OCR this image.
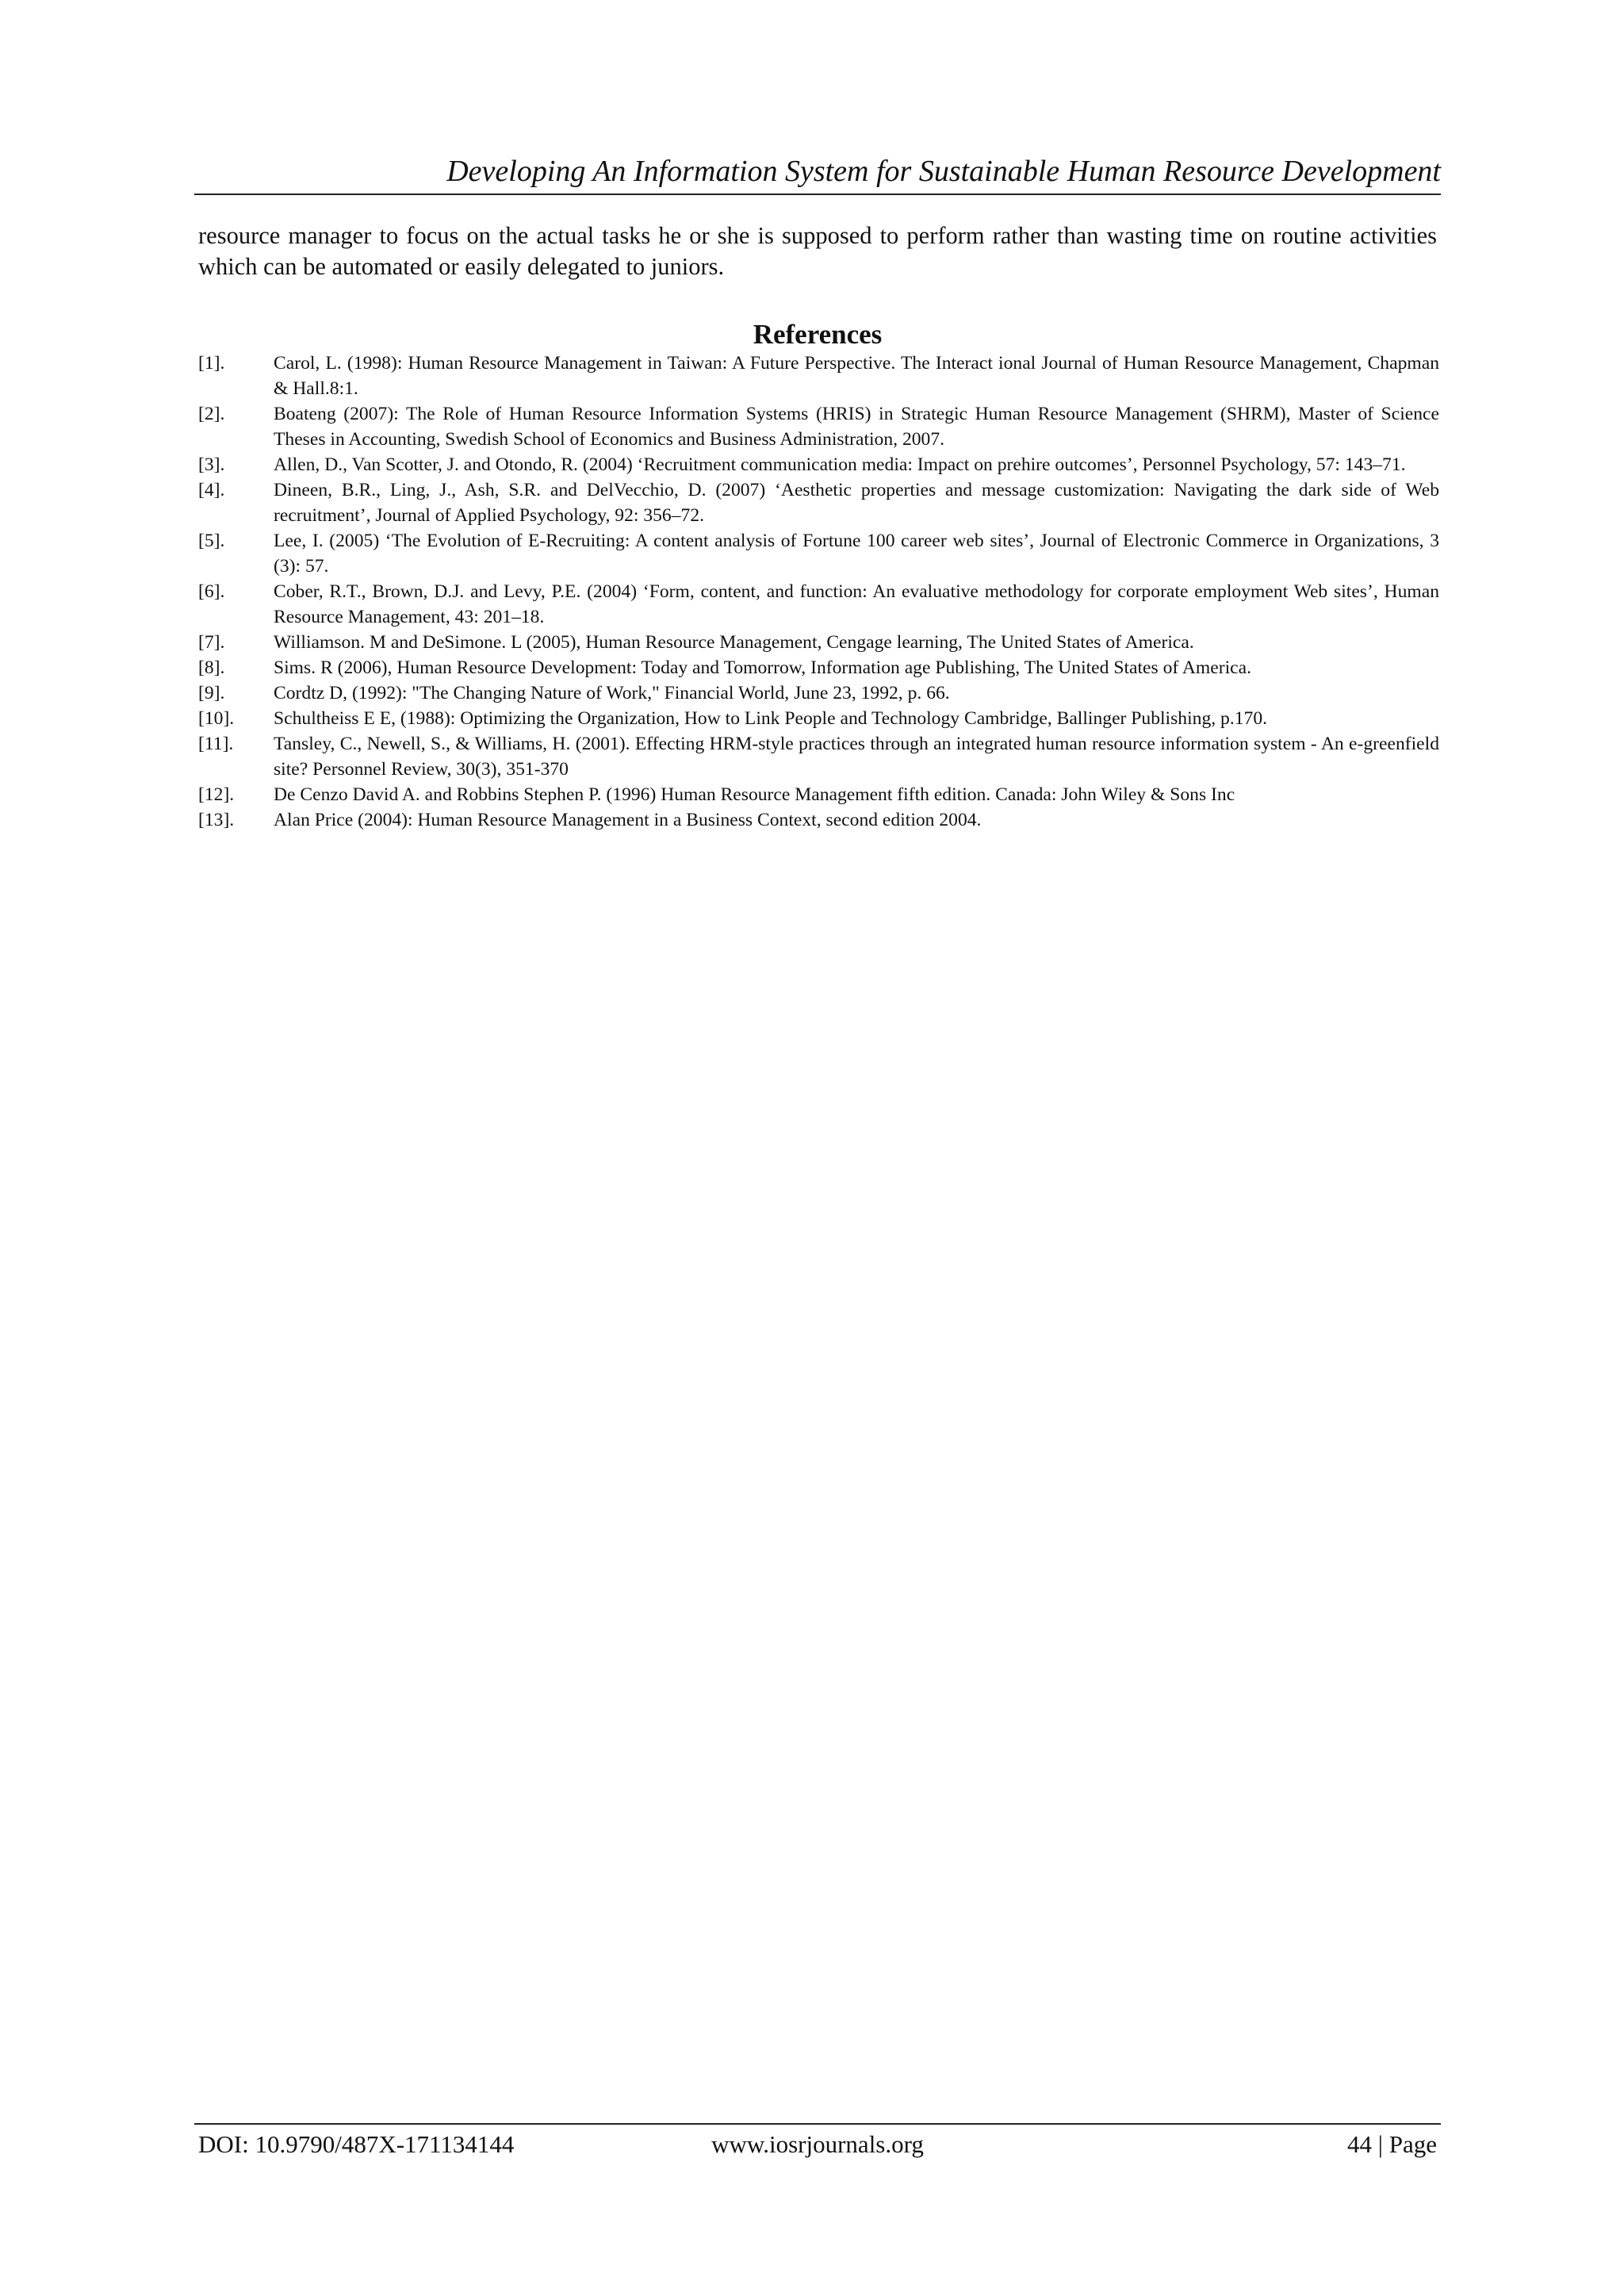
Developing An Information System for Sustainable Human Resource Development

resource manager to focus on the actual tasks he or she is supposed to perform rather than wasting time on routine activities which can be automated or easily delegated to juniors.

References
[1].	Carol, L. (1998): Human Resource Management in Taiwan: A Future Perspective. The Interact ional Journal of Human Resource Management, Chapman & Hall.8:1.
[2].	Boateng (2007): The Role of Human Resource Information Systems (HRIS) in Strategic Human Resource Management (SHRM), Master of Science Theses in Accounting, Swedish School of Economics and Business Administration, 2007.
[3].	Allen, D., Van Scotter, J. and Otondo, R. (2004) ‘Recruitment communication media: Impact on prehire outcomes’, Personnel Psychology, 57: 143–71.
[4].	Dineen, B.R., Ling, J., Ash, S.R. and DelVecchio, D. (2007) ‘Aesthetic properties and message customization: Navigating the dark side of Web recruitment’, Journal of Applied Psychology, 92: 356–72.
[5].	Lee, I. (2005) ‘The Evolution of E-Recruiting: A content analysis of Fortune 100 career web sites’, Journal of Electronic Commerce in Organizations, 3 (3): 57.
[6].	Cober, R.T., Brown, D.J. and Levy, P.E. (2004) ‘Form, content, and function: An evaluative methodology for corporate employment Web sites’, Human Resource Management, 43: 201–18.
[7].	Williamson. M and DeSimone. L (2005), Human Resource Management, Cengage learning, The United States of America.
[8].	Sims. R (2006), Human Resource Development: Today and Tomorrow, Information age Publishing, The United States of America.
[9].	Cordtz D, (1992): "The Changing Nature of Work," Financial World, June 23, 1992, p. 66.
[10].	Schultheiss E E, (1988): Optimizing the Organization, How to Link People and Technology Cambridge, Ballinger Publishing, p.170.
[11].	Tansley, C., Newell, S., & Williams, H. (2001). Effecting HRM-style practices through an integrated human resource information system - An e-greenfield site? Personnel Review, 30(3), 351-370
[12].	De Cenzo David A. and Robbins Stephen P. (1996) Human Resource Management fifth edition. Canada: John Wiley & Sons Inc
[13].	Alan Price (2004): Human Resource Management in a Business Context, second edition 2004.
www.iosrjournals.org
DOI: 10.9790/487X-171134144	44 | Page
